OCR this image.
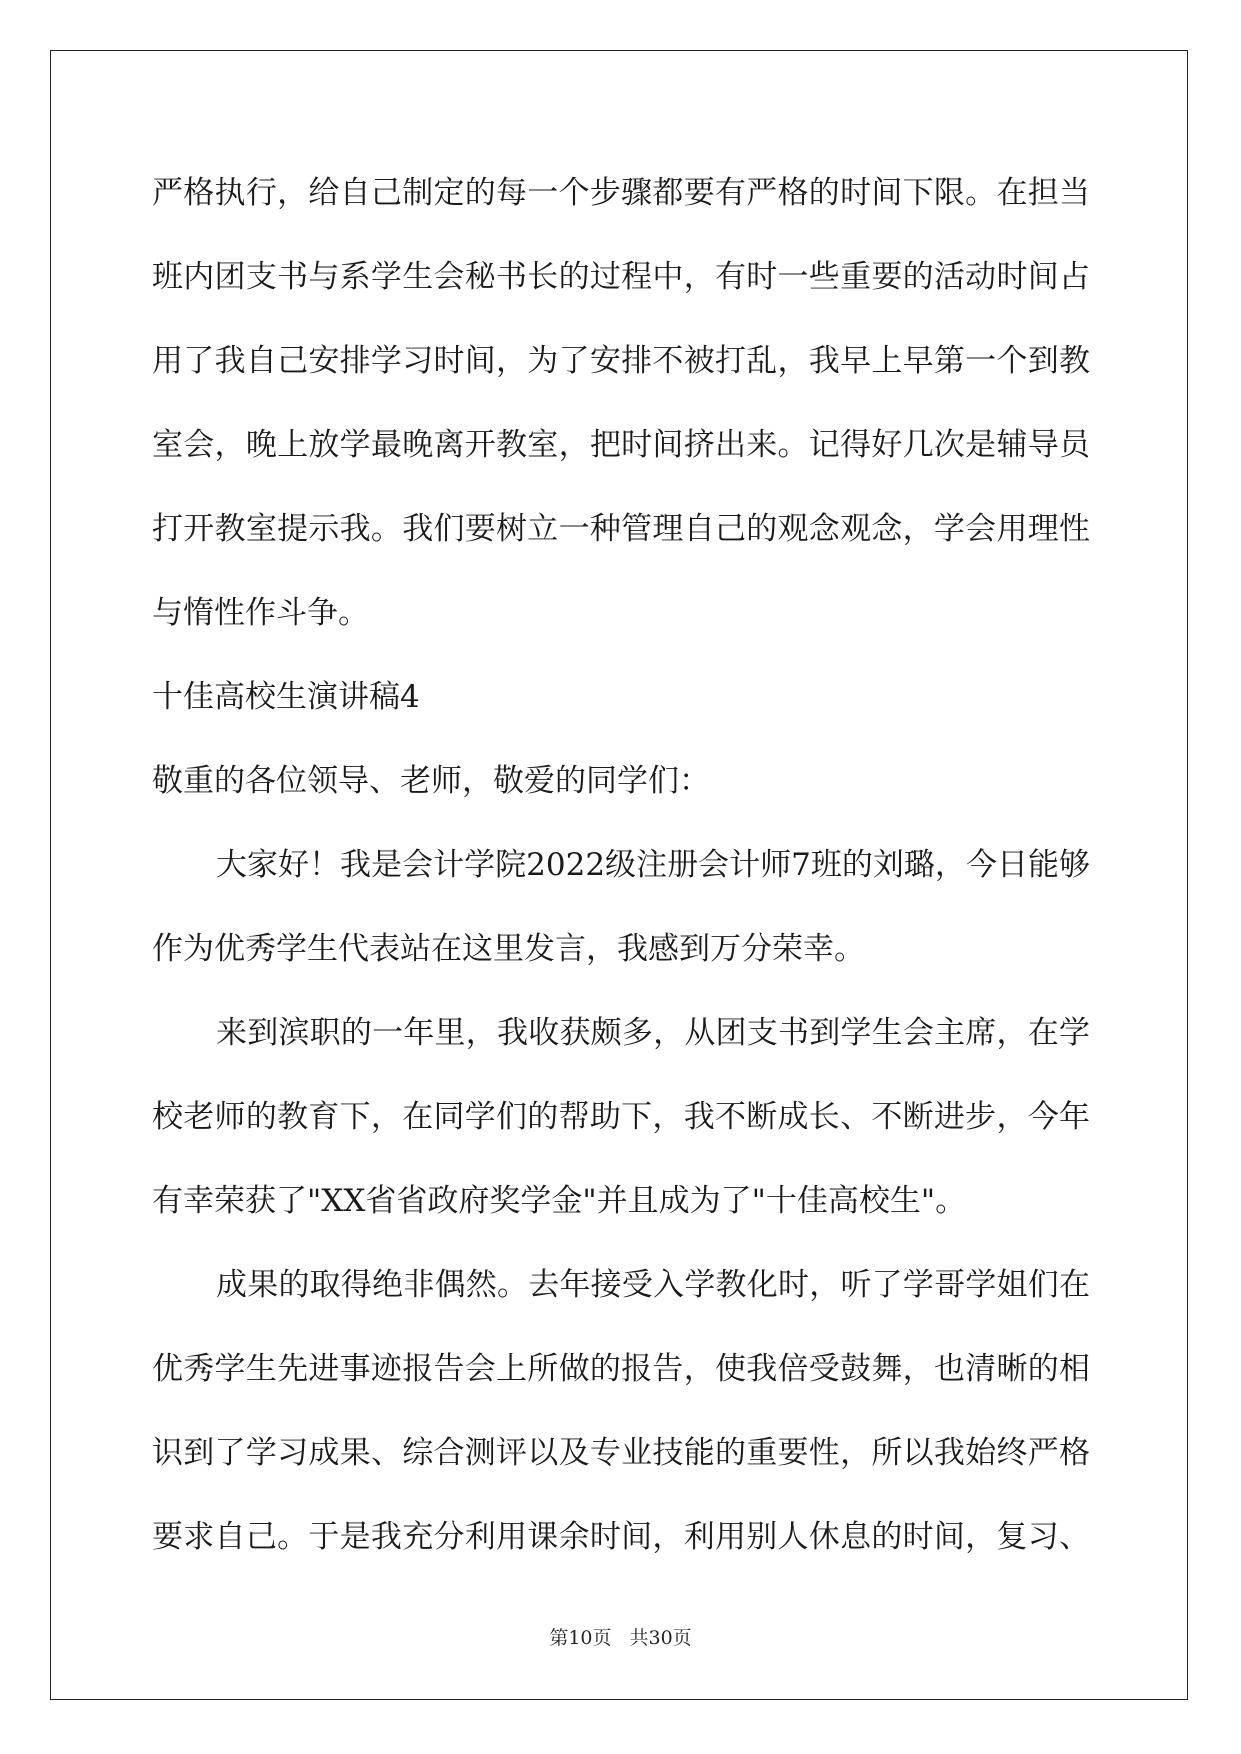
严格执行，给自己制定的每一个步骤都要有严格的时间下限。在担当
班内团支书与系学生会秘书长的过程中，有时一些重要的活动时间占
用了我自己安排学习时间，为了安排不被打乱，我早上早第一个到教
室会，晚上放学最晚离开教室，把时间挤出来。记得好几次是辅导员
打开教室提示我。我们要树立一种管理自己的观念观念，学会用理性
与惰性作斗争。
十佳高校生演讲稿4
敬重的各位领导、老师，敬爱的同学们：
大家好！我是会计学院2022级注册会计师7班的刘璐，今日能够
作为优秀学生代表站在这里发言，我感到万分荣幸。
来到滨职的一年里，我收获颇多，从团支书到学生会主席，在学
校老师的教育下，在同学们的帮助下，我不断成长、不断进步，今年
有幸荣获了"XX省省政府奖学金"并且成为了"十佳高校生"。
成果的取得绝非偶然。去年接受入学教化时，听了学哥学姐们在
优秀学生先进事迹报告会上所做的报告，使我倍受鼓舞，也清晰的相
识到了学习成果、综合测评以及专业技能的重要性，所以我始终严格
要求自己。于是我充分利用课余时间，利用别人休息的时间，复习、
第10页 共30页
